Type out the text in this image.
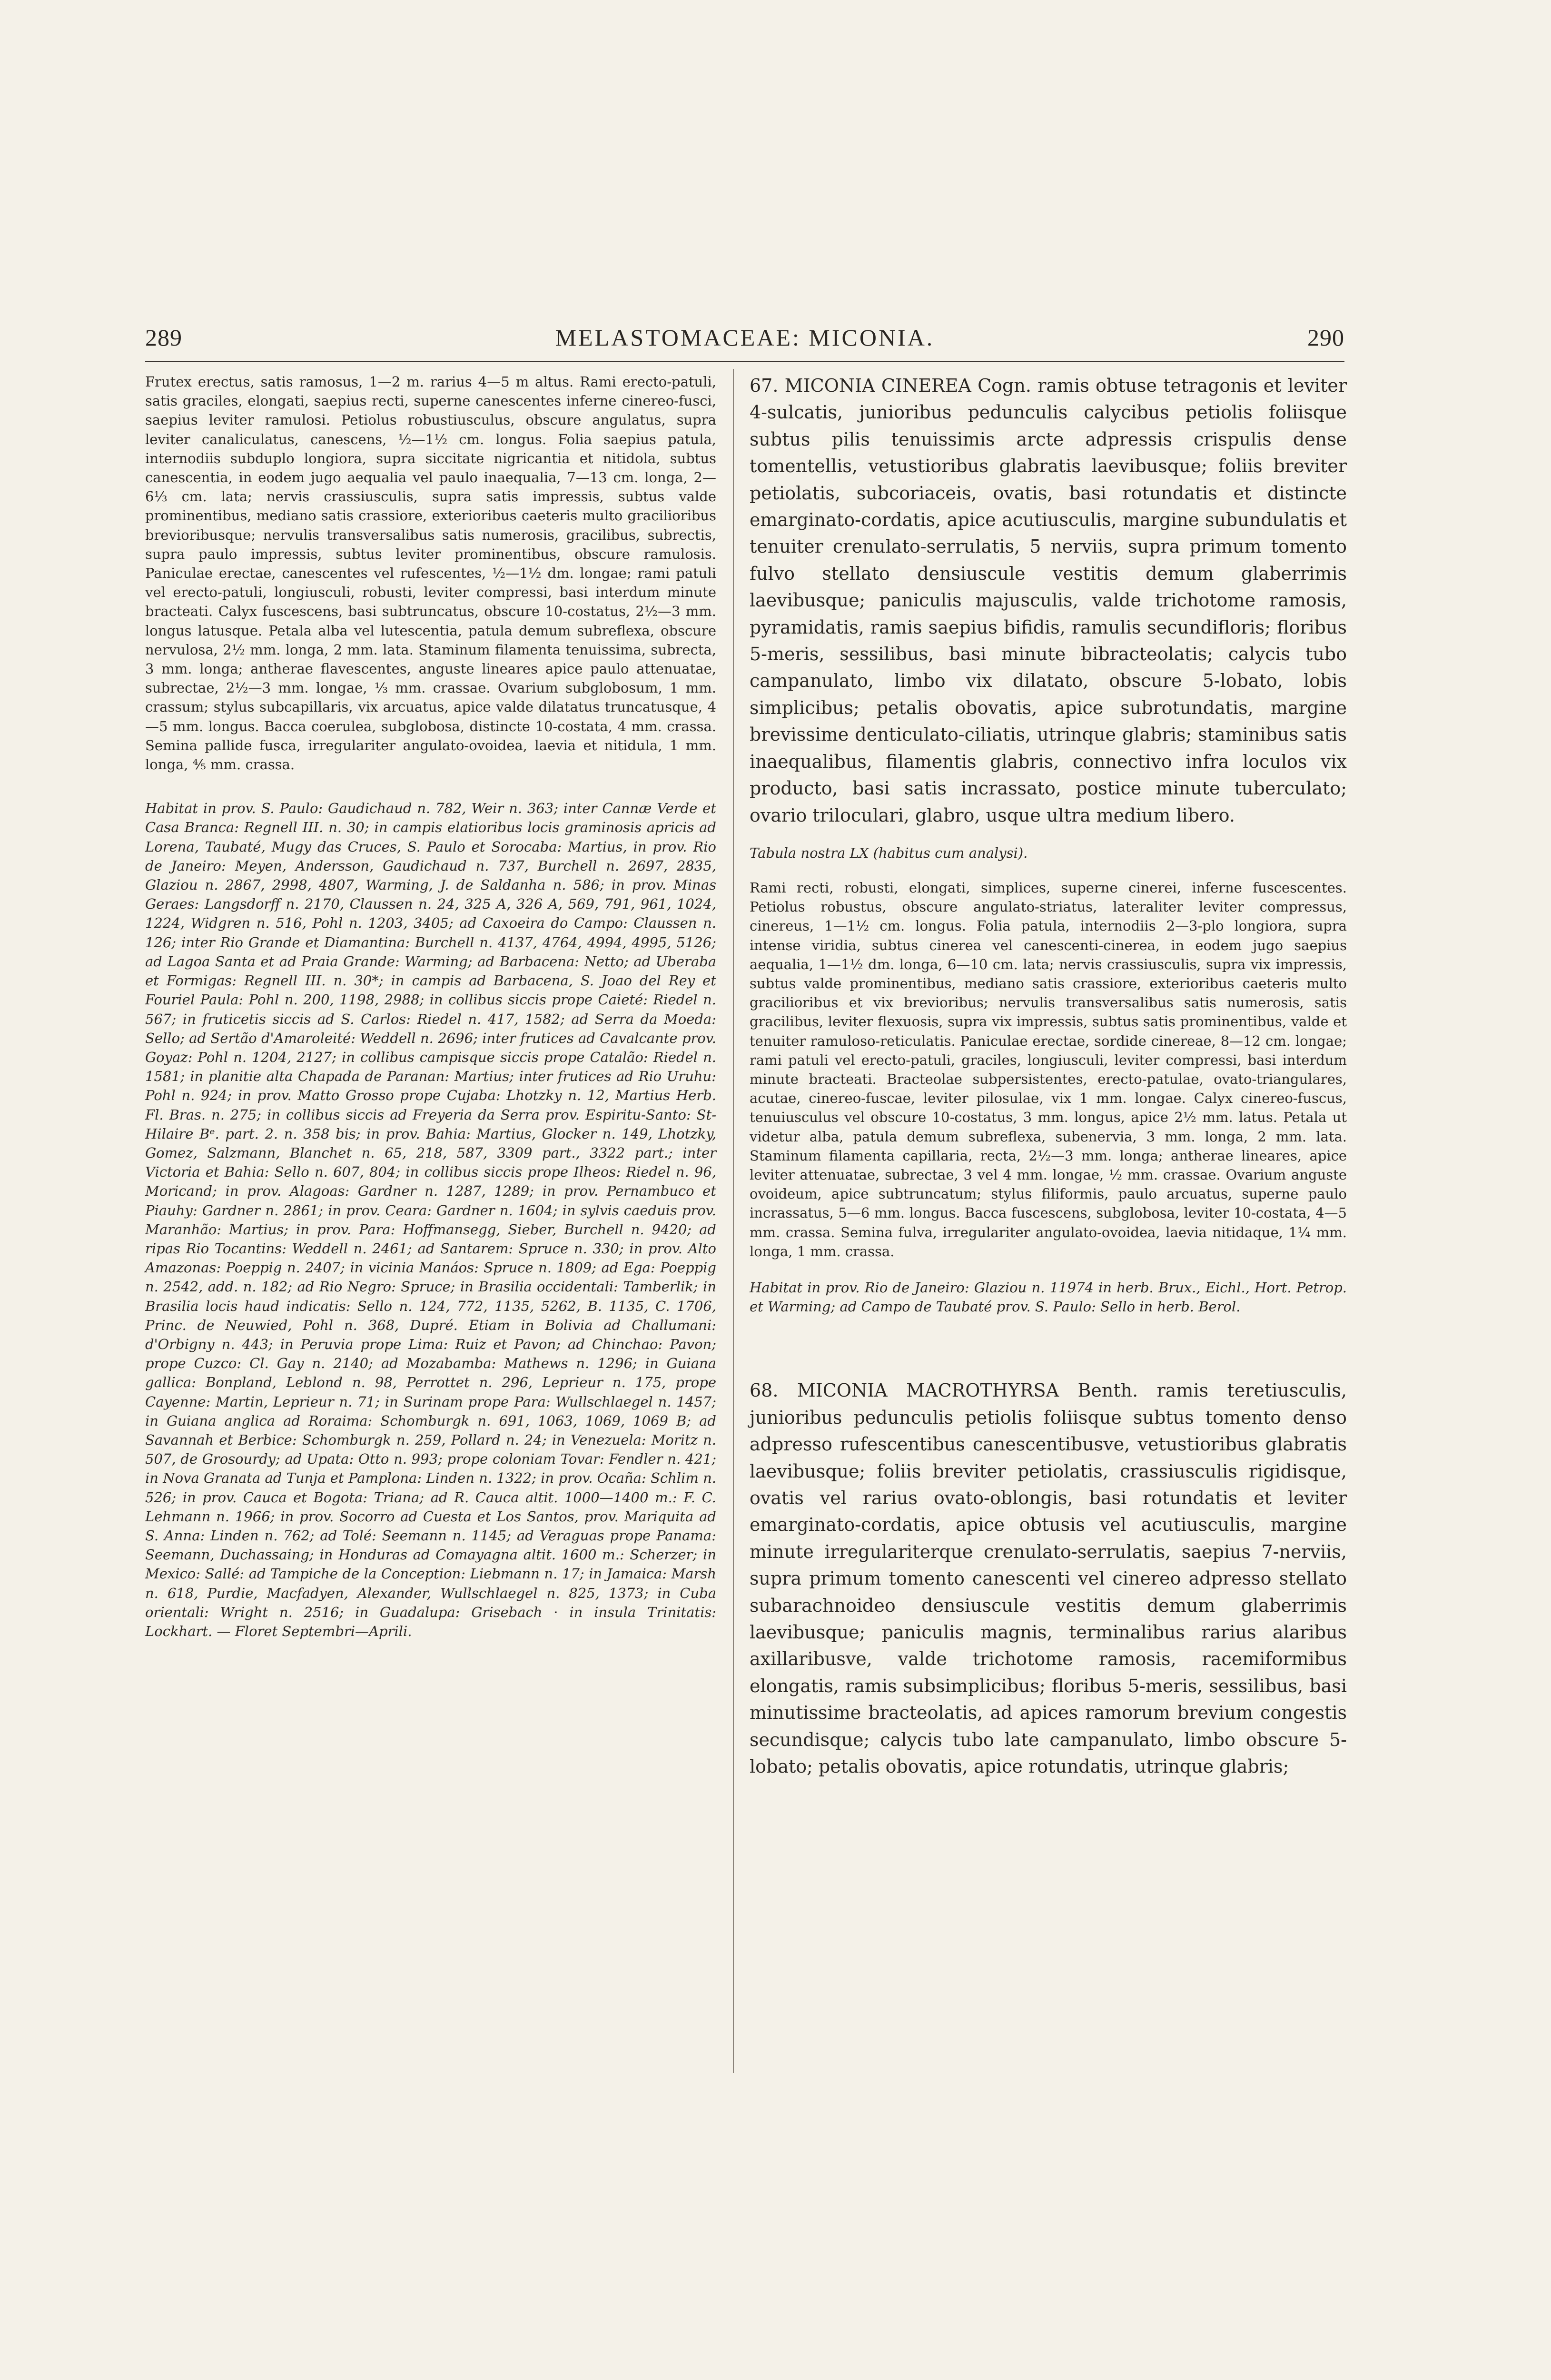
289	MELASTOMACEAE: MICONIA.	290

Frutex erectus, satis ramosus, 1—2 m. rarius 4—5 m altus. Rami erecto-patuli, satis graciles, elongati, saepius recti, superne canescentes inferne cinereo-fusci, saepius leviter ramulosi. Petiolus robustiusculus, obscure angulatus, supra leviter canaliculatus, canescens, ½—1½ cm. longus. Folia saepius patula, internodiis subduplo longiora, supra siccitate nigricantia et nitidola, subtus canescentia, in eodem jugo aequalia vel paulo inaequalia, 7—13 cm. longa, 2—6⅓ cm. lata; nervis crassiusculis, supra satis impressis, subtus valde prominentibus, mediano satis crassiore, exterioribus caeteris multo gracilioribus brevioribusque; nervulis transversalibus satis numerosis, gracilibus, subrectis, supra paulo impressis, subtus leviter prominentibus, obscure ramulosis. Paniculae erectae, canescentes vel rufescentes, ½—1½ dm. longae; rami patuli vel erecto-patuli, longiusculi, robusti, leviter compressi, basi interdum minute bracteati. Calyx fuscescens, basi subtruncatus, obscure 10-costatus, 2½—3 mm. longus latusque. Petala alba vel lutescentia, patula demum subreflexa, obscure nervulosa, 2½ mm. longa, 2 mm. lata. Staminum filamenta tenuissima, subrecta, 3 mm. longa; antherae flavescentes, anguste lineares apice paulo attenuatae, subrectae, 2½—3 mm. longae, ⅓ mm. crassae. Ovarium subglobosum, 1 mm. crassum; stylus subcapillaris, vix arcuatus, apice valde dilatatus truncatusque, 4—5 mm. longus. Bacca coerulea, subglobosa, distincte 10-costata, 4 mm. crassa. Semina pallide fusca, irregulariter angulato-ovoidea, laevia et nitidula, 1 mm. longa, ⅘ mm. crassa.

Habitat in prov. S. Paulo: Gaudichaud n. 782, Weir n. 363; inter Cannæ Verde et Casa Branca: Regnell III. n. 30; in campis elatioribus locis graminosis apricis ad Lorena, Taubaté, Mugy das Cruces, S. Paulo et Sorocaba: Martius, in prov. Rio de Janeiro: Meyen, Andersson, Gaudichaud n. 737, Burchell n. 2697, 2835, Glaziou n. 2867, 2998, 4807, Warming, J. de Saldanha n. 586; in prov. Minas Geraes: Langsdorff n. 2170, Claussen n. 24, 325 A, 326 A, 569, 791, 961, 1024, 1224, Widgren n. 516, Pohl n. 1203, 3405; ad Caxoeira do Campo: Claussen n. 126; inter Rio Grande et Diamantina: Burchell n. 4137, 4764, 4994, 4995, 5126; ad Lagoa Santa et ad Praia Grande: Warming; ad Barbacena: Netto; ad Uberaba et Formigas: Regnell III. n. 30*; in campis ad Barbacena, S. Joao del Rey et Fouriel Paula: Pohl n. 200, 1198, 2988; in collibus siccis prope Caieté: Riedel n. 567; in fruticetis siccis ad S. Carlos: Riedel n. 417, 1582; ad Serra da Moeda: Sello; ad Sertão d'Amaroleité: Weddell n. 2696; inter frutices ad Cavalcante prov. Goyaz: Pohl n. 1204, 2127; in collibus campisque siccis prope Catalão: Riedel n. 1581; in planitie alta Chapada de Paranan: Martius; inter frutices ad Rio Uruhu: Pohl n. 924; in prov. Matto Grosso prope Cujaba: Lhotzky n. 12, Martius Herb. Fl. Bras. n. 275; in collibus siccis ad Freyeria da Serra prov. Espiritu-Santo: St-Hilaire Bᵉ. part. 2. n. 358 bis; in prov. Bahia: Martius, Glocker n. 149, Lhotzky, Gomez, Salzmann, Blanchet n. 65, 218, 587, 3309 part., 3322 part.; inter Victoria et Bahia: Sello n. 607, 804; in collibus siccis prope Ilheos: Riedel n. 96, Moricand; in prov. Alagoas: Gardner n. 1287, 1289; in prov. Pernambuco et Piauhy: Gardner n. 2861; in prov. Ceara: Gardner n. 1604; in sylvis caeduis prov. Maranhão: Martius; in prov. Para: Hoffmansegg, Sieber, Burchell n. 9420; ad ripas Rio Tocantins: Weddell n. 2461; ad Santarem: Spruce n. 330; in prov. Alto Amazonas: Poeppig n. 2407; in vicinia Manáos: Spruce n. 1809; ad Ega: Poeppig n. 2542, add. n. 182; ad Rio Negro: Spruce; in Brasilia occidentali: Tamberlik; in Brasilia locis haud indicatis: Sello n. 124, 772, 1135, 5262, B. 1135, C. 1706, Princ. de Neuwied, Pohl n. 368, Dupré. Etiam in Bolivia ad Challumani: d'Orbigny n. 443; in Peruvia prope Lima: Ruiz et Pavon; ad Chinchao: Pavon; prope Cuzco: Cl. Gay n. 2140; ad Mozabamba: Mathews n. 1296; in Guiana gallica: Bonpland, Leblond n. 98, Perrottet n. 296, Leprieur n. 175, prope Cayenne: Martin, Leprieur n. 71; in Surinam prope Para: Wullschlaegel n. 1457; in Guiana anglica ad Roraima: Schomburgk n. 691, 1063, 1069, 1069 B; ad Savannah et Berbice: Schomburgk n. 259, Pollard n. 24; in Venezuela: Moritz n. 507, de Grosourdy; ad Upata: Otto n. 993; prope coloniam Tovar: Fendler n. 421; in Nova Granata ad Tunja et Pamplona: Linden n. 1322; in prov. Ocaña: Schlim n. 526; in prov. Cauca et Bogota: Triana; ad R. Cauca altit. 1000—1400 m.: F. C. Lehmann n. 1966; in prov. Socorro ad Cuesta et Los Santos, prov. Mariquita ad S. Anna: Linden n. 762; ad Tolé: Seemann n. 1145; ad Veraguas prope Panama: Seemann, Duchassaing; in Honduras ad Comayagna altit. 1600 m.: Scherzer; in Mexico: Sallé: ad Tampiche de la Conception: Liebmann n. 17; in Jamaica: Marsh n. 618, Purdie, Macfadyen, Alexander, Wullschlaegel n. 825, 1373; in Cuba orientali: Wright n. 2516; in Guadalupa: Grisebach · in insula Trinitatis: Lockhart. — Floret Septembri—Aprili.

67. MICONIA CINEREA Cogn. ramis obtuse tetragonis et leviter 4-sulcatis, junioribus pedunculis calycibus petiolis foliisque subtus pilis tenuissimis arcte adpressis crispulis dense tomentellis, vetustioribus glabratis laevibusque; foliis breviter petiolatis, subcoriaceis, ovatis, basi rotundatis et distincte emarginato-cordatis, apice acutiusculis, margine subundulatis et tenuiter crenulato-serrulatis, 5 nerviis, supra primum tomento fulvo stellato densiuscule vestitis demum glaberrimis laevibusque; paniculis majusculis, valde trichotome ramosis, pyramidatis, ramis saepius bifidis, ramulis secundifloris; floribus 5-meris, sessilibus, basi minute bibracteolatis; calycis tubo campanulato, limbo vix dilatato, obscure 5-lobato, lobis simplicibus; petalis obovatis, apice subrotundatis, margine brevissime denticulato-ciliatis, utrinque glabris; staminibus satis inaequalibus, filamentis glabris, connectivo infra loculos vix producto, basi satis incrassato, postice minute tuberculato; ovario triloculari, glabro, usque ultra medium libero.

Tabula nostra LX (habitus cum analysi).

Rami recti, robusti, elongati, simplices, superne cinerei, inferne fuscescentes. Petiolus robustus, obscure angulato-striatus, lateraliter leviter compressus, cinereus, 1—1½ cm. longus. Folia patula, internodiis 2—3-plo longiora, supra intense viridia, subtus cinerea vel canescenti-cinerea, in eodem jugo saepius aequalia, 1—1½ dm. longa, 6—10 cm. lata; nervis crassiusculis, supra vix impressis, subtus valde prominentibus, mediano satis crassiore, exterioribus caeteris multo gracilioribus et vix brevioribus; nervulis transversalibus satis numerosis, satis gracilibus, leviter flexuosis, supra vix impressis, subtus satis prominentibus, valde et tenuiter ramuloso-reticulatis. Paniculae erectae, sordide cinereae, 8—12 cm. longae; rami patuli vel erecto-patuli, graciles, longiusculi, leviter compressi, basi interdum minute bracteati. Bracteolae subpersistentes, erecto-patulae, ovato-triangulares, acutae, cinereo-fuscae, leviter pilosulae, vix 1 mm. longae. Calyx cinereo-fuscus, tenuiusculus vel obscure 10-costatus, 3 mm. longus, apice 2½ mm. latus. Petala ut videtur alba, patula demum subreflexa, subenervia, 3 mm. longa, 2 mm. lata. Staminum filamenta capillaria, recta, 2½—3 mm. longa; antherae lineares, apice leviter attenuatae, subrectae, 3 vel 4 mm. longae, ½ mm. crassae. Ovarium anguste ovoideum, apice subtruncatum; stylus filiformis, paulo arcuatus, superne paulo incrassatus, 5—6 mm. longus. Bacca fuscescens, subglobosa, leviter 10-costata, 4—5 mm. crassa. Semina fulva, irregulariter angulato-ovoidea, laevia nitidaque, 1¼ mm. longa, 1 mm. crassa.

Habitat in prov. Rio de Janeiro: Glaziou n. 11974 in herb. Brux., Eichl., Hort. Petrop. et Warming; ad Campo de Taubaté prov. S. Paulo: Sello in herb. Berol.

68. MICONIA MACROTHYRSA Benth. ramis teretiusculis, junioribus pedunculis petiolis foliisque subtus tomento denso adpresso rufescentibus canescentibusve, vetustioribus glabratis laevibusque; foliis breviter petiolatis, crassiusculis rigidisque, ovatis vel rarius ovato-oblongis, basi rotundatis et leviter emarginato-cordatis, apice obtusis vel acutiusculis, margine minute irregulariterque crenulato-serrulatis, saepius 7-nerviis, supra primum tomento canescenti vel cinereo adpresso stellato subarachnoideo densiuscule vestitis demum glaberrimis laevibusque; paniculis magnis, terminalibus rarius alaribus axillaribusve, valde trichotome ramosis, racemiformibus elongatis, ramis subsimplicibus; floribus 5-meris, sessilibus, basi minutissime bracteolatis, ad apices ramorum brevium congestis secundisque; calycis tubo late campanulato, limbo obscure 5-lobato; petalis obovatis, apice rotundatis, utrinque glabris;
